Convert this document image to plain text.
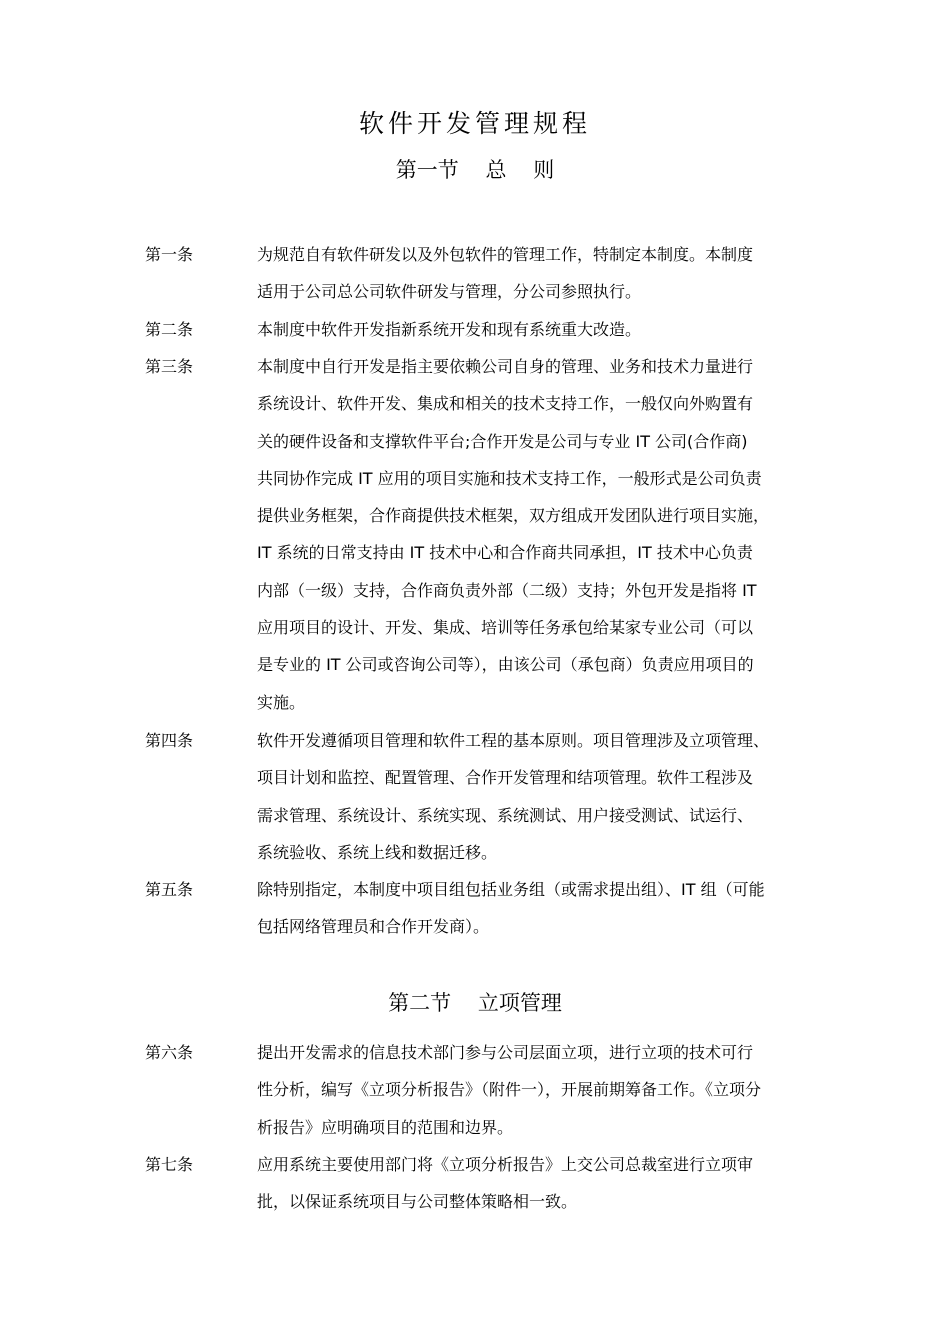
软件开发管理规程
第一节    总    则
第一条	为规范自有软件研发以及外包软件的管理工作，特制定本制度。本制度
适用于公司总公司软件研发与管理，分公司参照执行。
第二条	本制度中软件开发指新系统开发和现有系统重大改造。
第三条	本制度中自行开发是指主要依赖公司自身的管理、业务和技术力量进行
系统设计、软件开发、集成和相关的技术支持工作，一般仅向外购置有
关的硬件设备和支撑软件平台;合作开发是公司与专业 IT 公司(合作商)
共同协作完成 IT 应用的项目实施和技术支持工作，一般形式是公司负责
提供业务框架，合作商提供技术框架，双方组成开发团队进行项目实施，
IT 系统的日常支持由 IT 技术中心和合作商共同承担，IT 技术中心负责
内部（一级）支持，合作商负责外部（二级）支持；外包开发是指将 IT
应用项目的设计、开发、集成、培训等任务承包给某家专业公司（可以
是专业的 IT 公司或咨询公司等），由该公司（承包商）负责应用项目的
实施。
第四条	软件开发遵循项目管理和软件工程的基本原则。项目管理涉及立项管理、
项目计划和监控、配置管理、合作开发管理和结项管理。软件工程涉及
需求管理、系统设计、系统实现、系统测试、用户接受测试、试运行、
系统验收、系统上线和数据迁移。
第五条	除特别指定，本制度中项目组包括业务组（或需求提出组）、IT 组（可能
包括网络管理员和合作开发商）。
第二节    立项管理
第六条	提出开发需求的信息技术部门参与公司层面立项，进行立项的技术可行
性分析，编写《立项分析报告》（附件一），开展前期筹备工作。《立项分
析报告》应明确项目的范围和边界。
第七条	应用系统主要使用部门将《立项分析报告》上交公司总裁室进行立项审
批，以保证系统项目与公司整体策略相一致。
